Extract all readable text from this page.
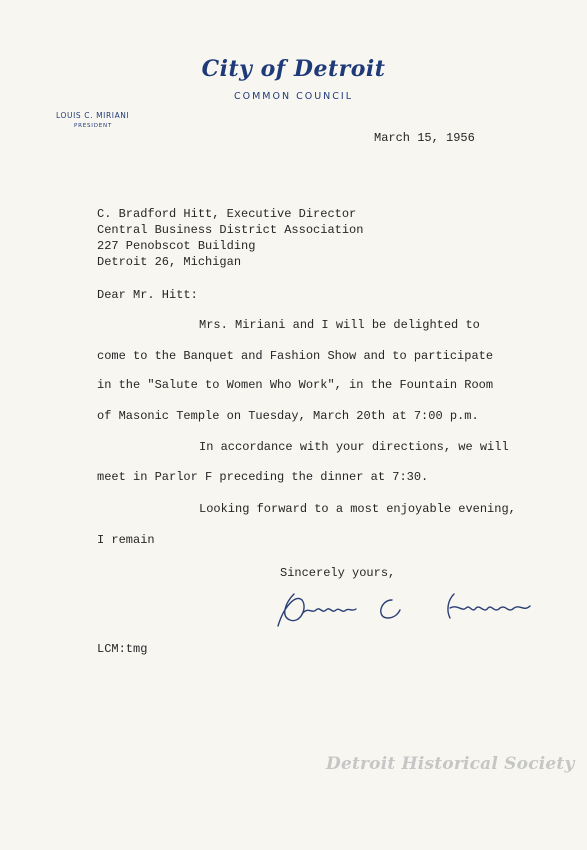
City of Detroit
COMMON COUNCIL
LOUIS C. MIRIANI
PRESIDENT
March 15, 1956
C. Bradford Hitt, Executive Director
Central Business District Association
227 Penobscot Building
Detroit 26, Michigan
Dear Mr. Hitt:
Mrs. Miriani and I will be delighted to
come to the Banquet and Fashion Show and to participate
in the "Salute to Women Who Work", in the Fountain Room
of Masonic Temple on Tuesday, March 20th at 7:00 p.m.
In accordance with your directions, we will
meet in Parlor F preceding the dinner at 7:30.
Looking forward to a most enjoyable evening,
I remain
Sincerely yours,
LCM:tmg
Detroit Historical Society
